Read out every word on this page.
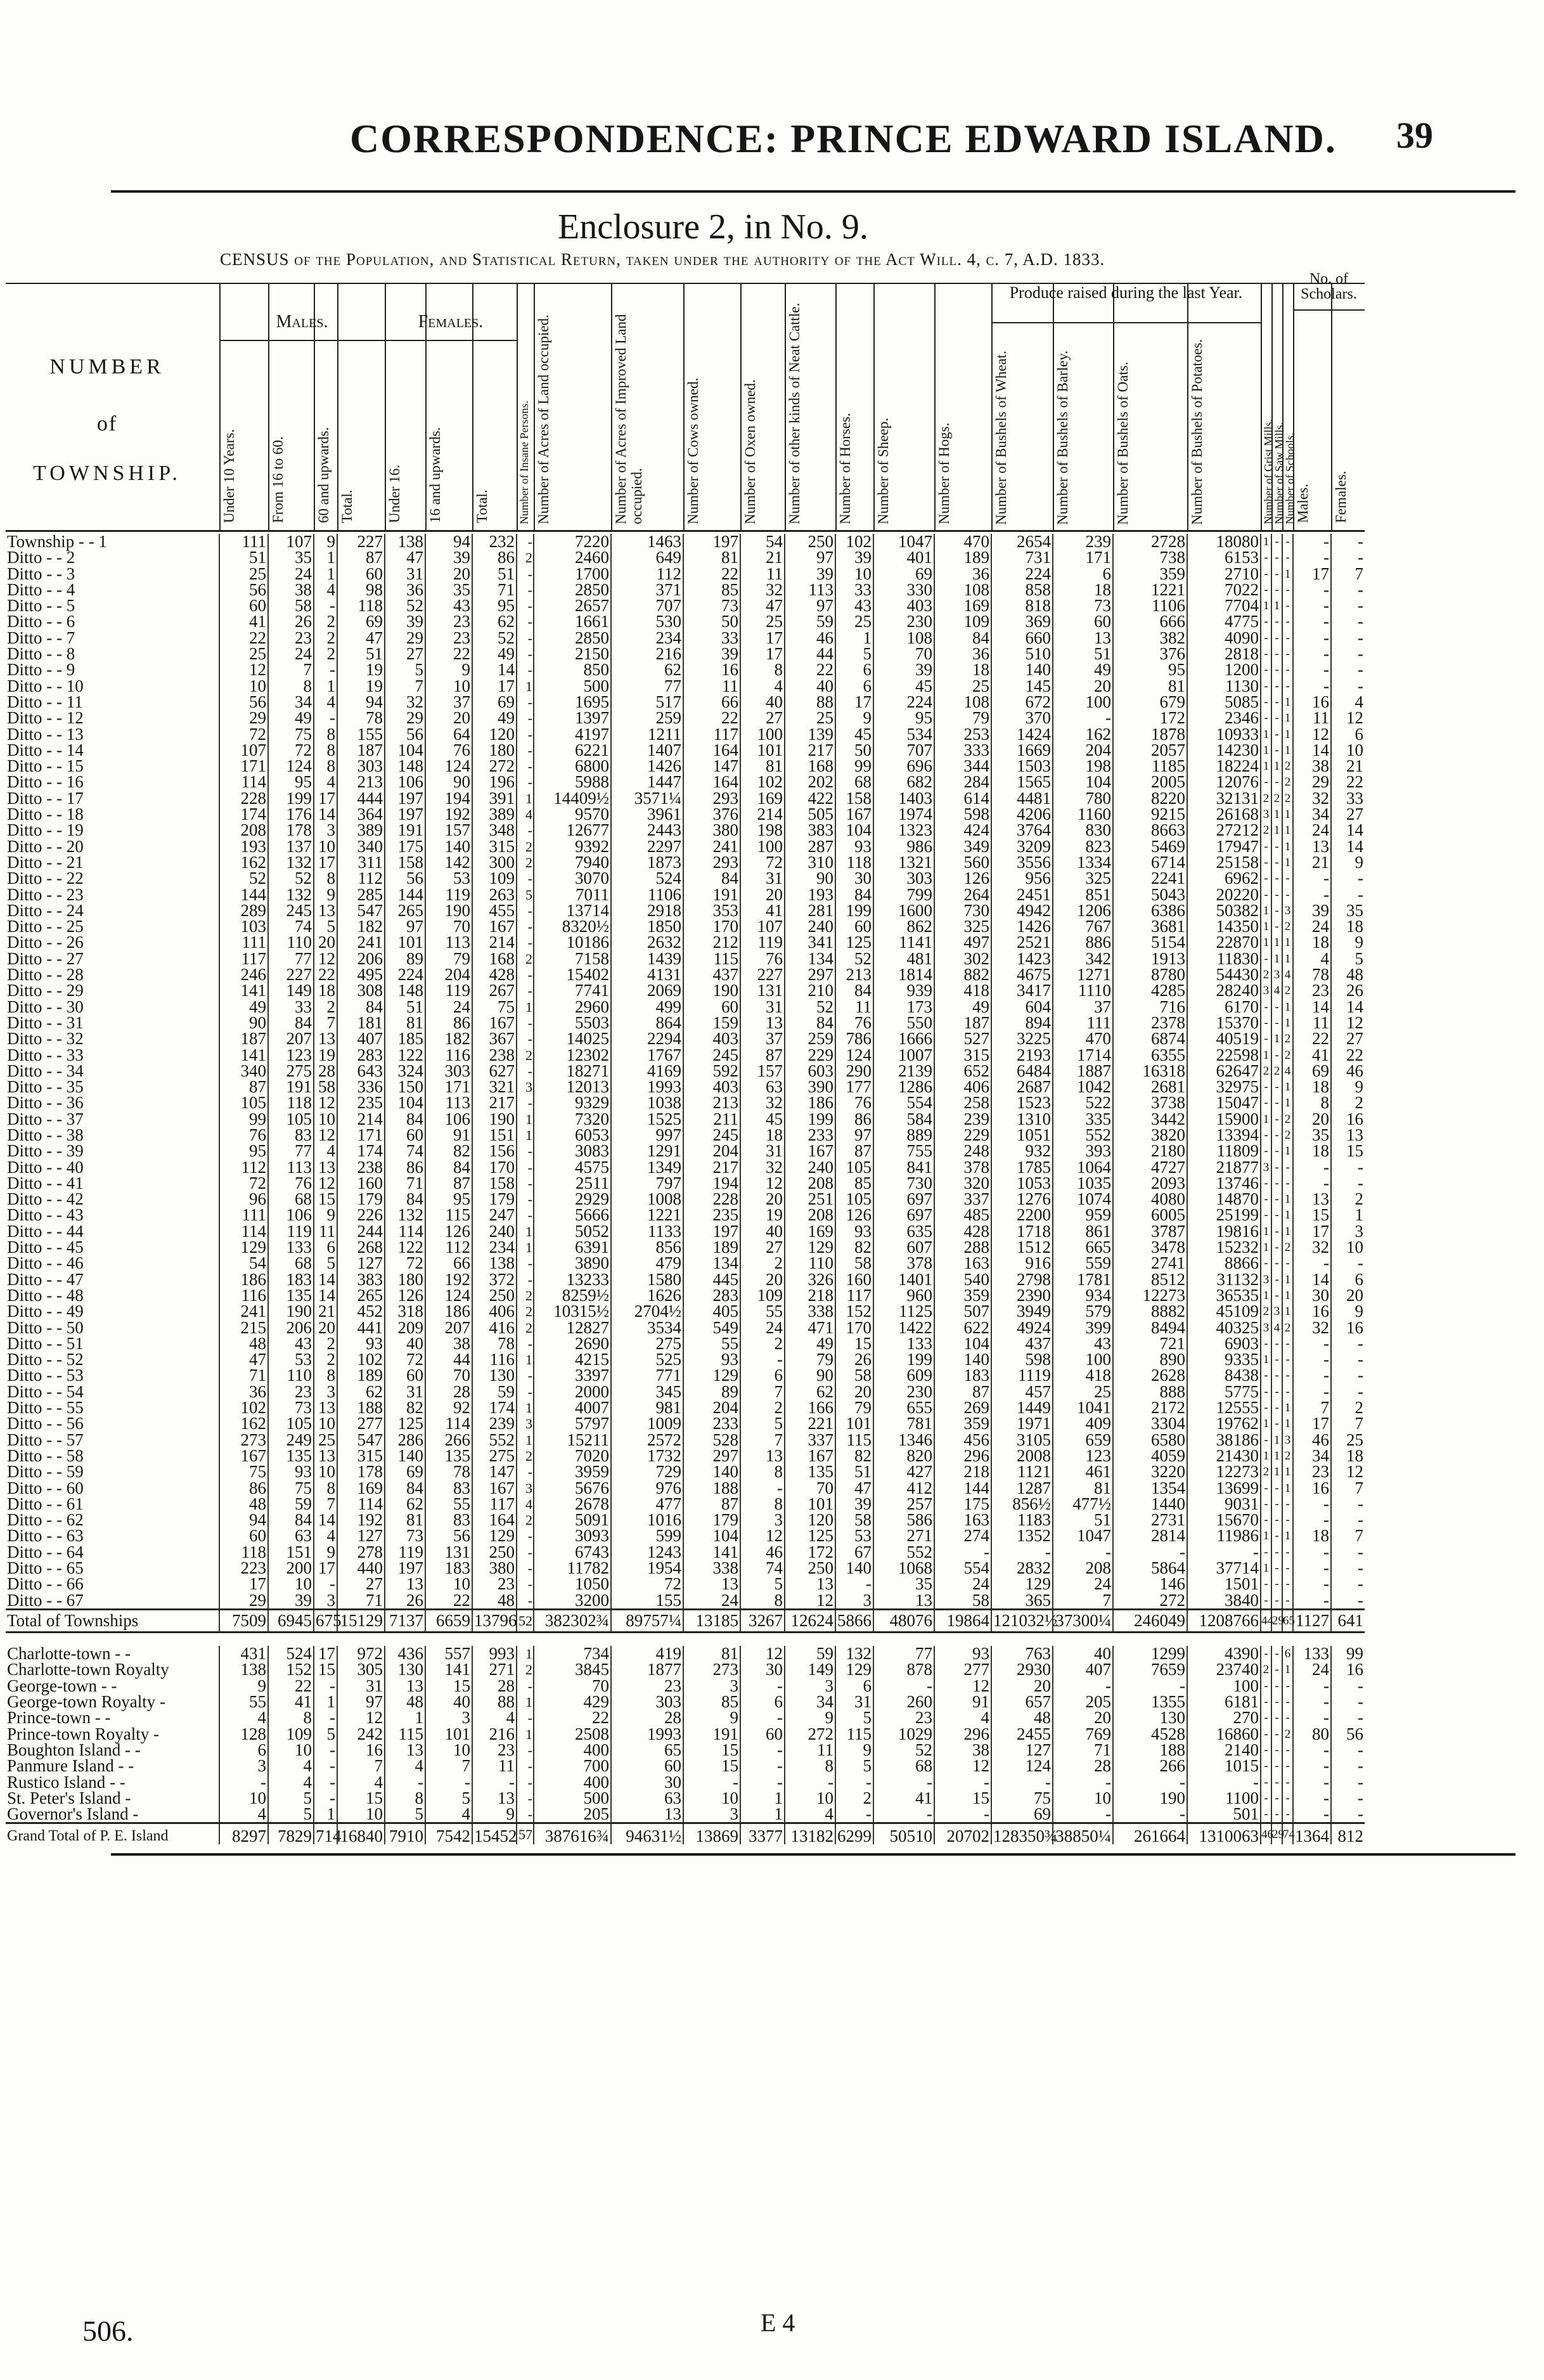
CORRESPONDENCE: PRINCE EDWARD ISLAND. 39
Enclosure 2, in No. 9.
CENSUS of the Population, and Statistical Return, taken under the authority of the Act Will. 4, c. 7, A.D. 1833.
Township - - 1	111	107	9	227	138	94	232	-	7220	1463	197	54	250	102	1047	470	2654	239	2728	18080	1	-	-	-	-
Ditto - - 2	51	35	1	87	47	39	86	2	2460	649	81	21	97	39	401	189	731	171	738	6153	-	-	-	-	-
Ditto - - 3	25	24	1	60	31	20	51	-	1700	112	22	11	39	10	69	36	224	6	359	2710	-	-	1	17	7
Ditto - - 4	56	38	4	98	36	35	71	-	2850	371	85	32	113	33	330	108	858	18	1221	7022	-	-	-	-	-
Ditto - - 5	60	58	-	118	52	43	95	-	2657	707	73	47	97	43	403	169	818	73	1106	7704	1	1	-	-	-
Ditto - - 6	41	26	2	69	39	23	62	-	1661	530	50	25	59	25	230	109	369	60	666	4775	-	-	-	-	-
Ditto - - 7	22	23	2	47	29	23	52	-	2850	234	33	17	46	1	108	84	660	13	382	4090	-	-	-	-	-
Ditto - - 8	25	24	2	51	27	22	49	-	2150	216	39	17	44	5	70	36	510	51	376	2818	-	-	-	-	-
Ditto - - 9	12	7	-	19	5	9	14	-	850	62	16	8	22	6	39	18	140	49	95	1200	-	-	-	-	-
Ditto - - 10	10	8	1	19	7	10	17	1	500	77	11	4	40	6	45	25	145	20	81	1130	-	-	-	-	-
Ditto - - 11	56	34	4	94	32	37	69	-	1695	517	66	40	88	17	224	108	672	100	679	5085	-	-	1	16	4
Ditto - - 12	29	49	-	78	29	20	49	-	1397	259	22	27	25	9	95	79	370	-	172	2346	-	-	1	11	12
Ditto - - 13	72	75	8	155	56	64	120	-	4197	1211	117	100	139	45	534	253	1424	162	1878	10933	1	-	1	12	6
Ditto - - 14	107	72	8	187	104	76	180	-	6221	1407	164	101	217	50	707	333	1669	204	2057	14230	1	-	1	14	10
Ditto - - 15	171	124	8	303	148	124	272	-	6800	1426	147	81	168	99	696	344	1503	198	1185	18224	1	1	2	38	21
Ditto - - 16	114	95	4	213	106	90	196	-	5988	1447	164	102	202	68	682	284	1565	104	2005	12076	-	-	2	29	22
Ditto - - 17	228	199	17	444	197	194	391	1	14409½	3571¼	293	169	422	158	1403	614	4481	780	8220	32131	2	2	2	32	33
Ditto - - 18	174	176	14	364	197	192	389	4	9570	3961	376	214	505	167	1974	598	4206	1160	9215	26168	3	1	1	34	27
Ditto - - 19	208	178	3	389	191	157	348	-	12677	2443	380	198	383	104	1323	424	3764	830	8663	27212	2	1	1	24	14
Ditto - - 20	193	137	10	340	175	140	315	2	9392	2297	241	100	287	93	986	349	3209	823	5469	17947	-	-	1	13	14
Ditto - - 21	162	132	17	311	158	142	300	2	7940	1873	293	72	310	118	1321	560	3556	1334	6714	25158	-	-	1	21	9
Ditto - - 22	52	52	8	112	56	53	109	-	3070	524	84	31	90	30	303	126	956	325	2241	6962	-	-	-	-	-
Ditto - - 23	144	132	9	285	144	119	263	5	7011	1106	191	20	193	84	799	264	2451	851	5043	20220	-	-	-	-	-
Ditto - - 24	289	245	13	547	265	190	455	-	13714	2918	353	41	281	199	1600	730	4942	1206	6386	50382	1	-	3	39	35
Ditto - - 25	103	74	5	182	97	70	167	-	8320½	1850	170	107	240	60	862	325	1426	767	3681	14350	1	-	2	24	18
Ditto - - 26	111	110	20	241	101	113	214	-	10186	2632	212	119	341	125	1141	497	2521	886	5154	22870	1	1	1	18	9
Ditto - - 27	117	77	12	206	89	79	168	2	7158	1439	115	76	134	52	481	302	1423	342	1913	11830	-	1	1	4	5
Ditto - - 28	246	227	22	495	224	204	428	-	15402	4131	437	227	297	213	1814	882	4675	1271	8780	54430	2	3	4	78	48
Ditto - - 29	141	149	18	308	148	119	267	-	7741	2069	190	131	210	84	939	418	3417	1110	4285	28240	3	4	2	23	26
Ditto - - 30	49	33	2	84	51	24	75	1	2960	499	60	31	52	11	173	49	604	37	716	6170	-	-	1	14	14
Ditto - - 31	90	84	7	181	81	86	167	-	5503	864	159	13	84	76	550	187	894	111	2378	15370	-	-	1	11	12
Ditto - - 32	187	207	13	407	185	182	367	-	14025	2294	403	37	259	786	1666	527	3225	470	6874	40519	-	1	2	22	27
Ditto - - 33	141	123	19	283	122	116	238	2	12302	1767	245	87	229	124	1007	315	2193	1714	6355	22598	1	-	2	41	22
Ditto - - 34	340	275	28	643	324	303	627	-	18271	4169	592	157	603	290	2139	652	6484	1887	16318	62647	2	2	4	69	46
Ditto - - 35	87	191	58	336	150	171	321	3	12013	1993	403	63	390	177	1286	406	2687	1042	2681	32975	-	-	1	18	9
Ditto - - 36	105	118	12	235	104	113	217	-	9329	1038	213	32	186	76	554	258	1523	522	3738	15047	-	-	1	8	2
Ditto - - 37	99	105	10	214	84	106	190	1	7320	1525	211	45	199	86	584	239	1310	335	3442	15900	1	-	2	20	16
Ditto - - 38	76	83	12	171	60	91	151	1	6053	997	245	18	233	97	889	229	1051	552	3820	13394	-	-	2	35	13
Ditto - - 39	95	77	4	174	74	82	156	-	3083	1291	204	31	167	87	755	248	932	393	2180	11809	-	-	1	18	15
Ditto - - 40	112	113	13	238	86	84	170	-	4575	1349	217	32	240	105	841	378	1785	1064	4727	21877	3	-	-	-	-
Ditto - - 41	72	76	12	160	71	87	158	-	2511	797	194	12	208	85	730	320	1053	1035	2093	13746	-	-	-	-	-
Ditto - - 42	96	68	15	179	84	95	179	-	2929	1008	228	20	251	105	697	337	1276	1074	4080	14870	-	-	1	13	2
Ditto - - 43	111	106	9	226	132	115	247	-	5666	1221	235	19	208	126	697	485	2200	959	6005	25199	-	-	1	15	1
Ditto - - 44	114	119	11	244	114	126	240	1	5052	1133	197	40	169	93	635	428	1718	861	3787	19816	1	-	1	17	3
Ditto - - 45	129	133	6	268	122	112	234	1	6391	856	189	27	129	82	607	288	1512	665	3478	15232	1	-	2	32	10
Ditto - - 46	54	68	5	127	72	66	138	-	3890	479	134	2	110	58	378	163	916	559	2741	8866	-	-	-	-	-
Ditto - - 47	186	183	14	383	180	192	372	-	13233	1580	445	20	326	160	1401	540	2798	1781	8512	31132	3	-	1	14	6
Ditto - - 48	116	135	14	265	126	124	250	2	8259½	1626	283	109	218	117	960	359	2390	934	12273	36535	1	-	1	30	20
Ditto - - 49	241	190	21	452	318	186	406	2	10315½	2704½	405	55	338	152	1125	507	3949	579	8882	45109	2	3	1	16	9
Ditto - - 50	215	206	20	441	209	207	416	2	12827	3534	549	24	471	170	1422	622	4924	399	8494	40325	3	4	2	32	16
Ditto - - 51	48	43	2	93	40	38	78	-	2690	275	55	2	49	15	133	104	437	43	721	6903	-	-	-	-	-
Ditto - - 52	47	53	2	102	72	44	116	1	4215	525	93	-	79	26	199	140	598	100	890	9335	1	-	-	-	-
Ditto - - 53	71	110	8	189	60	70	130	-	3397	771	129	6	90	58	609	183	1119	418	2628	8438	-	-	-	-	-
Ditto - - 54	36	23	3	62	31	28	59	-	2000	345	89	7	62	20	230	87	457	25	888	5775	-	-	-	-	-
Ditto - - 55	102	73	13	188	82	92	174	1	4007	981	204	2	166	79	655	269	1449	1041	2172	12555	-	-	1	7	2
Ditto - - 56	162	105	10	277	125	114	239	3	5797	1009	233	5	221	101	781	359	1971	409	3304	19762	1	-	1	17	7
Ditto - - 57	273	249	25	547	286	266	552	1	15211	2572	528	7	337	115	1346	456	3105	659	6580	38186	-	1	3	46	25
Ditto - - 58	167	135	13	315	140	135	275	2	7020	1732	297	13	167	82	820	296	2008	123	4059	21430	1	1	2	34	18
Ditto - - 59	75	93	10	178	69	78	147	-	3959	729	140	8	135	51	427	218	1121	461	3220	12273	2	1	1	23	12
Ditto - - 60	86	75	8	169	84	83	167	3	5676	976	188	-	70	47	412	144	1287	81	1354	13699	-	-	1	16	7
Ditto - - 61	48	59	7	114	62	55	117	4	2678	477	87	8	101	39	257	175	856½	477½	1440	9031	-	-	-	-	-
Ditto - - 62	94	84	14	192	81	83	164	2	5091	1016	179	3	120	58	586	163	1183	51	2731	15670	-	-	-	-	-
Ditto - - 63	60	63	4	127	73	56	129	-	3093	599	104	12	125	53	271	274	1352	1047	2814	11986	1	-	1	18	7
Ditto - - 64	118	151	9	278	119	131	250	-	6743	1243	141	46	172	67	552	-	-	-	-	-	-	-	-	-	-
Ditto - - 65	223	200	17	440	197	183	380	-	11782	1954	338	74	250	140	1068	554	2832	208	5864	37714	1	-	-	-	-
Ditto - - 66	17	10	-	27	13	10	23	-	1050	72	13	5	13	-	35	24	129	24	146	1501	-	-	-	-	-
Ditto - - 67	29	39	3	71	26	22	48	-	3200	155	24	8	12	3	13	58	365	7	272	3840	-	-	-	-	-
Total of Townships	7509	6945	675	15129	7137	6659	13796	52	382302¾	89757¼	13185	3267	12624	5866	48076	19864	121032½	37300¼	246049	1208766	44	29	65	1127	641

Charlotte-town - -	431	524	17	972	436	557	993	1	734	419	81	12	59	132	77	93	763	40	1299	4390	-	-	6	133	99
Charlotte-town Royalty	138	152	15	305	130	141	271	2	3845	1877	273	30	149	129	878	277	2930	407	7659	23740	2	-	1	24	16
George-town - -	9	22	-	31	13	15	28	-	70	23	3	-	3	6	-	12	20	-	-	100	-	-	-	-	-
George-town Royalty -	55	41	1	97	48	40	88	1	429	303	85	6	34	31	260	91	657	205	1355	6181	-	-	-	-	-
Prince-town - -	4	8	-	12	1	3	4	-	22	28	9	-	9	5	23	4	48	20	130	270	-	-	-	-	-
Prince-town Royalty -	128	109	5	242	115	101	216	1	2508	1993	191	60	272	115	1029	296	2455	769	4528	16860	-	-	2	80	56
Boughton Island - -	6	10	-	16	13	10	23	-	400	65	15	-	11	9	52	38	127	71	188	2140	-	-	-	-	-
Panmure Island - -	3	4	-	7	4	7	11	-	700	60	15	-	8	5	68	12	124	28	266	1015	-	-	-	-	-
Rustico Island - -	-	4	-	4	-	-	-	-	400	30	-	-	-	-	-	-	-	-	-	-	-	-	-	-	-
St. Peter's Island -	10	5	-	15	8	5	13	-	500	63	10	1	10	2	41	15	75	10	190	1100	-	-	-	-	-
Governor's Island -	4	5	1	10	5	4	9	-	205	13	3	1	4	-	-	-	69	-	-	501	-	-	-	-	-
Grand Total of P. E. Island	8297	7829	714	16840	7910	7542	15452	57	387616¾	94631½	13869	3377	13182	6299	50510	20702	128350¾	38850¼	261664	1310063	46	29	74	1364	812
506.	E 4
NUMBER
of
TOWNSHIP.
Males.	Females.
Produce raised during the last Year.
No. of Scholars.
Under 10 Years.	From 16 to 60.	60 and upwards. Total.	Under 16.	16 and upwards.	Total.	Number of Insane Persons. Number of Acres of Land occupied.	Number of Acres of Improved Land occupied.	Number of Cows owned.	Number of Oxen owned.	Number of other kinds of Neat Cattle.	Number of Horses.	Number of Sheep.	Number of Hogs.	Number of Bushels of Wheat.	Number of Bushels of Barley.	Number of Bushels of Oats.	Number of Bushels of Potatoes.	Number of Grist Mills.
Number of Saw Mills.
Number of Schools.
Males.	Females.
